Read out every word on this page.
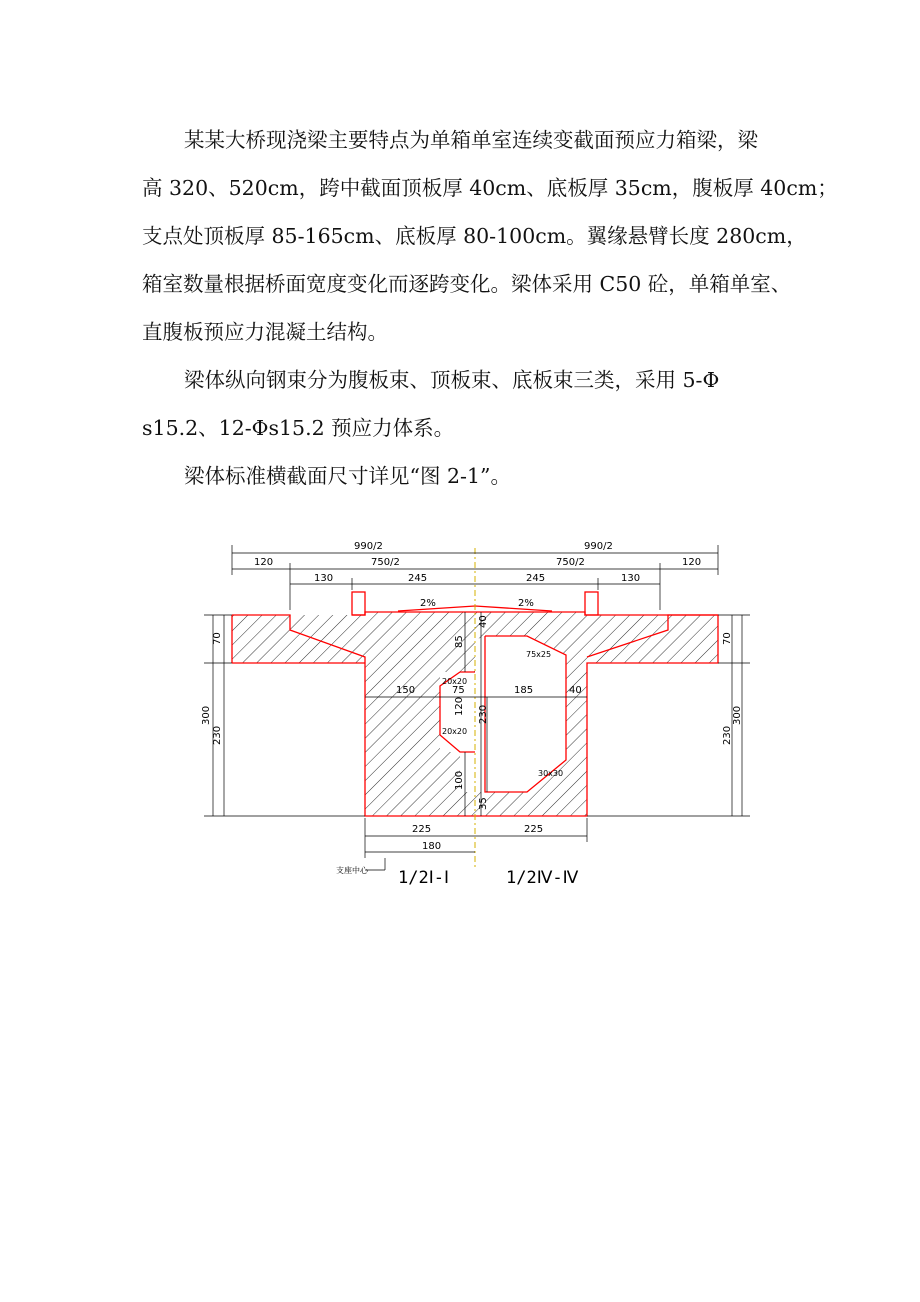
某某大桥现浇梁主要特点为单箱单室连续变截面预应力箱梁，梁
高 320、520cm，跨中截面顶板厚 40cm、底板厚 35cm，腹板厚 40cm；
支点处顶板厚 85-165cm、底板厚 80-100cm。翼缘悬臂长度 280cm，
箱室数量根据桥面宽度变化而逐跨变化。梁体采用 C50 砼，单箱单室、
直腹板预应力混凝土结构。
梁体纵向钢束分为腹板束、顶板束、底板束三类，采用 5-Φ
s15.2、12-Φs15.2 预应力体系。
梁体标准横截面尺寸详见“图 2-1”。
990/2	990/2
750/2	750/2
120	120
130	245	245	130
2%	2%
70
300
230
70
300
230
85
40
150	75	185	40
120 230
100
35
20x20
20x20
75x25
30x30
225	225
180
支座中心 1/2Ⅰ-Ⅰ	1/2Ⅳ-Ⅳ
